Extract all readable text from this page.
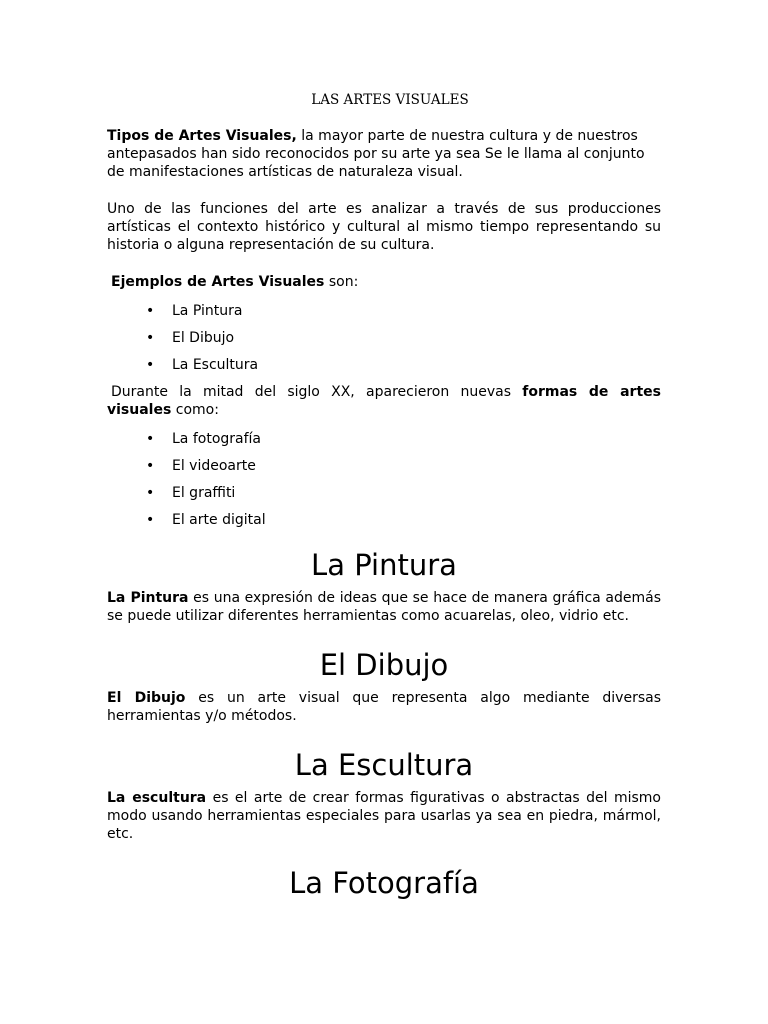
LAS ARTES VISUALES

Tipos de Artes Visuales, la mayor parte de nuestra cultura y de nuestros antepasados han sido reconocidos por su arte ya sea Se le llama al conjunto de manifestaciones artísticas de naturaleza visual.

Uno de las funciones del arte es analizar a través de sus producciones artísticas el contexto histórico y cultural al mismo tiempo representando su historia o alguna representación de su cultura.

Ejemplos de Artes Visuales son:

• La Pintura
• El Dibujo
• La Escultura

Durante la mitad del siglo XX, aparecieron nuevas formas de artes visuales como:

• La fotografía
• El videoarte
• El graffiti
• El arte digital
La Pintura

La Pintura es una expresión de ideas que se hace de manera gráfica además se puede utilizar diferentes herramientas como acuarelas, oleo, vidrio etc.

El Dibujo

El Dibujo es un arte visual que representa algo mediante diversas herramientas y/o métodos.

La Escultura

La escultura es el arte de crear formas figurativas o abstractas del mismo modo usando herramientas especiales para usarlas ya sea en piedra, mármol, etc.

La Fotografía
